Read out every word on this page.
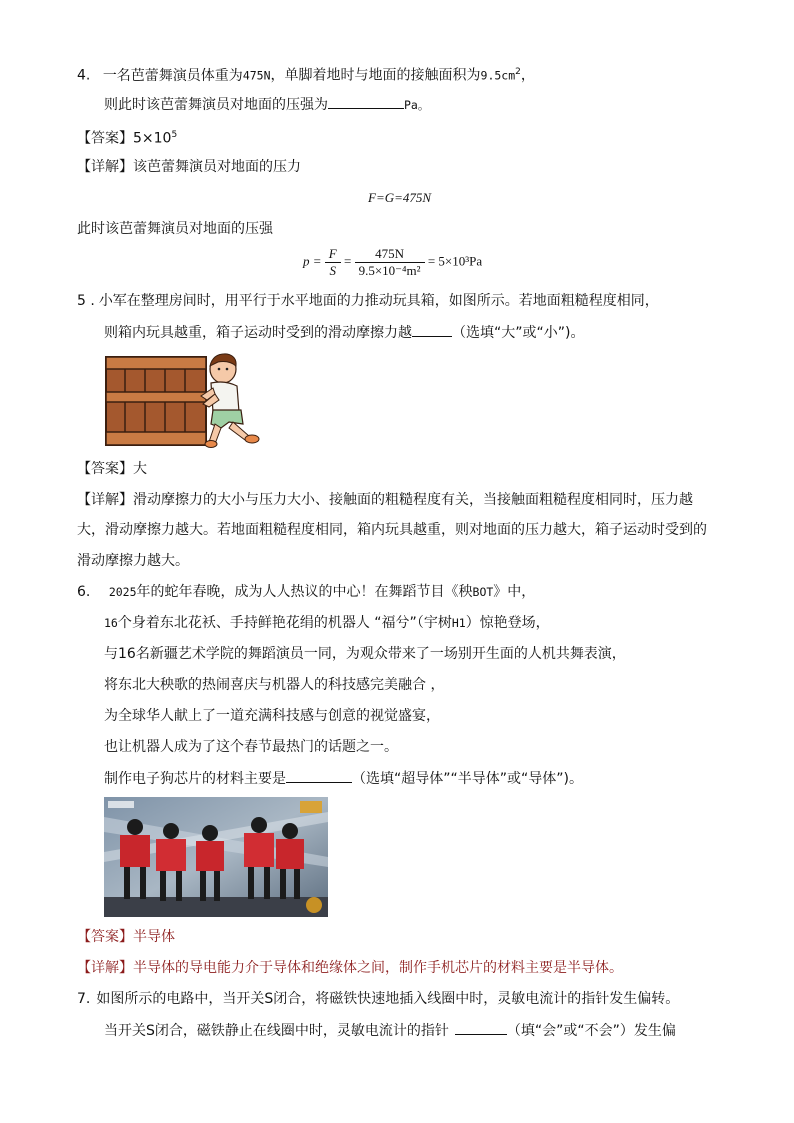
4. 一名芭蕾舞演员体重为475N，单脚着地时与地面的接触面积为$9.5cm^2$，
则此时该芭蕾舞演员对地面的压强为	Pa。
【答案】$5\times 10^5$
【详解】该芭蕾舞演员对地面的压力
F=G=475N
此时该芭蕾舞演员对地面的压强
$p = \frac{F}{S} = \frac{475N}{\text{9.5×10⁻⁴m²}} = 5\times 10^3Pa$
5 . 小军在整理房间时，用平行于水平地面的力推动玩具箱，如图所示。若地面粗糙程度相同，
则箱内玩具越重，箱子运动时受到的滑动摩擦力越	（选填“大”或“小”)。
【答案】大
【详解】滑动摩擦力的大小与压力大小、接触面的粗糙程度有关，当接触面粗糙程度相同时，压力越
大，滑动摩擦力越大。若地面粗糙程度相同，箱内玩具越重，则对地面的压力越大，箱子运动时受到的
滑动摩擦力越大。
6. 2025年的蛇年春晚，成为人人热议的中心！在舞蹈节目《秧BOT》中，
16个身着东北花袄、手持鲜艳花绢的机器人 “福兮”（宇树H1）惊艳登场，
与16名新疆艺术学院的舞蹈演员一同，为观众带来了一场别开生面的人机共舞表演，
将东北大秧歌的热闹喜庆与机器人的科技感完美融合 ，
为全球华人献上了一道充满科技感与创意的视觉盛宴，
也让机器人成为了这个春节最热门的话题之一。
制作电子狗芯片的材料主要是	（选填“超导体”“半导体”或“导体”)。
【答案】半导体
【详解】半导体的导电能力介于导体和绝缘体之间，制作手机芯片的材料主要是半导体。
7. 如图所示的电路中，当开关S闭合，将磁铁快速地插入线圈中时，灵敏电流计的指针发生偏转。
当开关S闭合，磁铁静止在线圈中时，灵敏电流计的指针	（填“会”或“不会”）发生偏
